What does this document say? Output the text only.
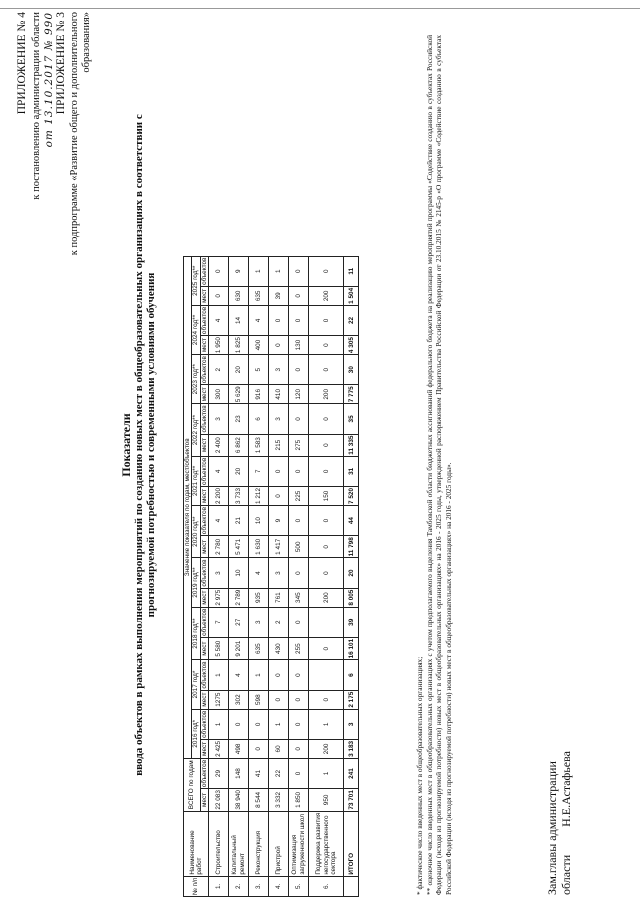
ПРИЛОЖЕНИЕ № 4 к постановлению администрации области от 13.10.2017 № 990 ПРИЛОЖЕНИЕ № 3 к подпрограмме «Развитие общего и дополнительного образования»
Показатели ввода объектов в рамках выполнения мероприятий по созданию новых мест в общеобразовательных организациях в соответствии с прогнозируемой потребностью и современными условиями обучения
№ п/п	Наименование работ	ВСЕГО по годам		Значение показателя по годам, мест/объектов																			
				2016 год*		2017 год*		2018 год**		2019 год**		2020 год**		2021 год**		2022 год**		2023 год**		2024 год**		2025 год**	
		мест	объектов	мест	объектов	мест	объектов	мест	объектов	мест	объектов	мест	объектов	мест	объектов	мест	объектов	мест	объектов	мест	объектов	мест	объектов
1.	Строительство	22 083	29	2 425	1	1275	1	5 580	7	2 975	3	2 780	4	2 200	4	2 400	3	300	2	1 950	4	0	0
2.	Капитальный ремонт	38 940	148	498	0	302	4	9 201	27	2 789	10	5 471	21	3 733	20	6 862	23	5 629	20	1 825	14	630	9
3.	Реконструкция	8 544	41	0	0	598	1	635	3	935	4	1 630	10	1 212	7	1 583	6	916	5	400	4	635	1
4.	Пристрой	3 332	22	60	1	0	0	430	2	761	3	1 417	9	0	0	215	3	410	3	0	0	39	1
5.	Оптимизация загруженности школ	1 850	0	0	0	0	0	255	0	345	0	500	0	225	0	275	0	120	0	130	0	0	0
6.	Поддержка развития негосударственного сектора	950	1	200	1	0		0		200	0	0	0	150	0	0	0	200	0	0	0	200	0
	ИТОГО	73 701	241	3 183	3	2 175	6	16 101	39	8 005	20	11 798	44	7 520	31	11 335	35	7 775	30	4 305	22	1 504	11
* фактическое число введенных мест в общеобразовательных организациях; ** оценочное число введенных мест в общеобразовательных организациях с учетом предполагаемого выделения Тамбовской области бюджетных ассигнований федерального бюджета на реализацию мероприятий программы «Содействие созданию в субъектах Российской Федерации (исходя из прогнозируемой потребности) новых мест в общеобразовательных организациях» на 2016 - 2025 годы, утвержденной распоряжением Правительства Российской Федерации от 23.10.2015 № 2145-р «О программе «Содействие созданию в субъектах Российской Федерации (исходя из прогнозируемой потребности) новых мест в общеобразовательных организациях» на 2016 - 2025 годы».	Зам.главы администрации области  Н.Е.Астафьева
